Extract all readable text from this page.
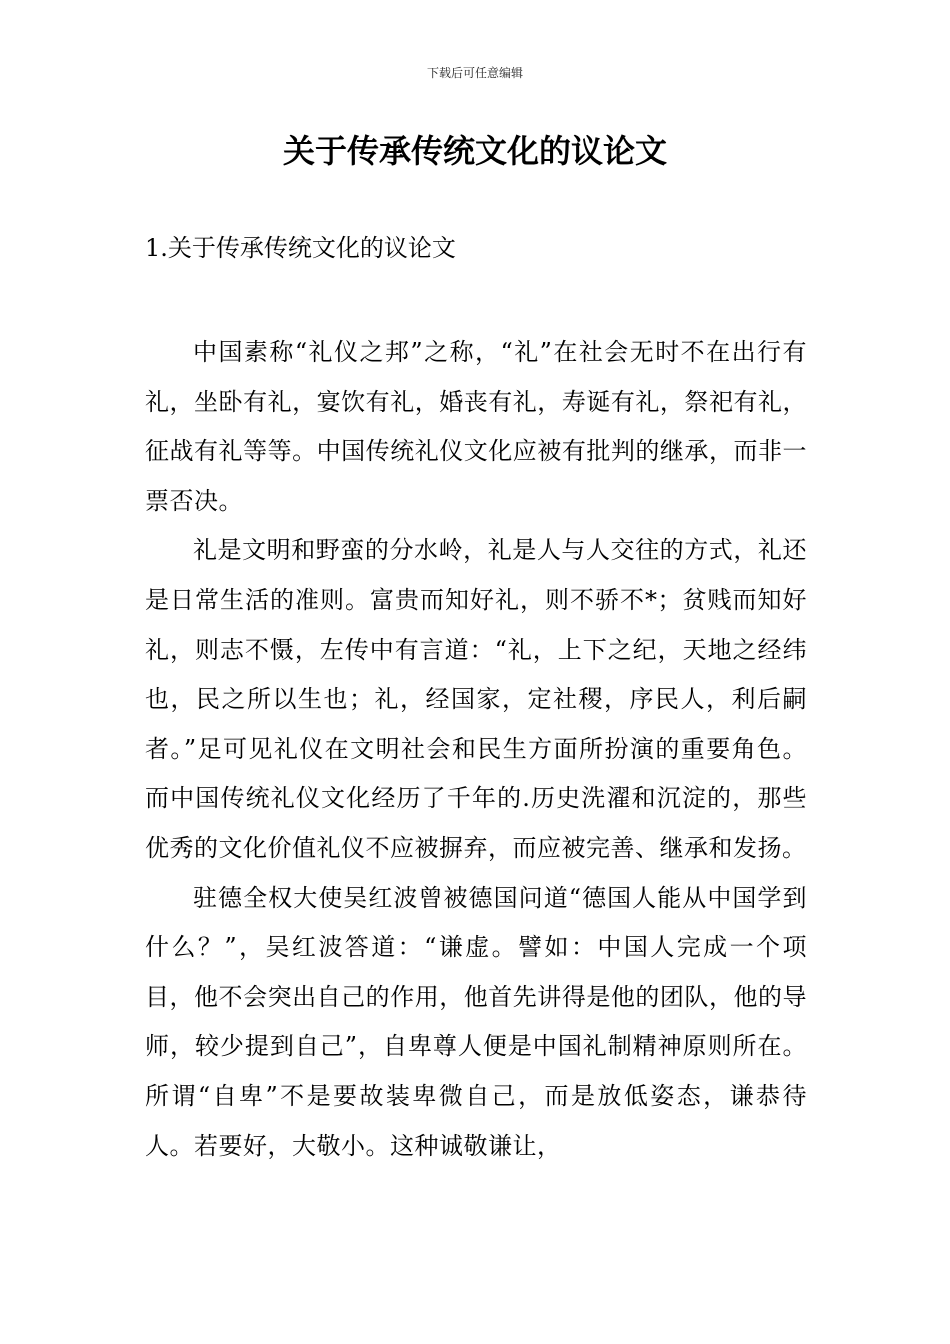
下载后可任意编辑
关于传承传统文化的议论文
1.关于传承传统文化的议论文

中国素称“礼仪之邦”之称，“礼”在社会无时不在出行有礼，坐卧有礼，宴饮有礼，婚丧有礼，寿诞有礼，祭祀有礼，征战有礼等等。中国传统礼仪文化应被有批判的继承，而非一票否决。

礼是文明和野蛮的分水岭，礼是人与人交往的方式，礼还是日常生活的准则。富贵而知好礼，则不骄不*；贫贱而知好礼，则志不慑，左传中有言道：“礼，上下之纪，天地之经纬也，民之所以生也；礼，经国家，定社稷，序民人，利后嗣者。”足可见礼仪在文明社会和民生方面所扮演的重要角色。而中国传统礼仪文化经历了千年的.历史洗濯和沉淀的，那些优秀的文化价值礼仪不应被摒弃，而应被完善、继承和发扬。

驻德全权大使吴红波曾被德国问道“德国人能从中国学到什么？”，吴红波答道：“谦虚。譬如：中国人完成一个项目，他不会突出自己的作用，他首先讲得是他的团队，他的导师，较少提到自己”，自卑尊人便是中国礼制精神原则所在。所谓“自卑”不是要故装卑微自己，而是放低姿态，谦恭待人。若要好，大敬小。这种诚敬谦让，
